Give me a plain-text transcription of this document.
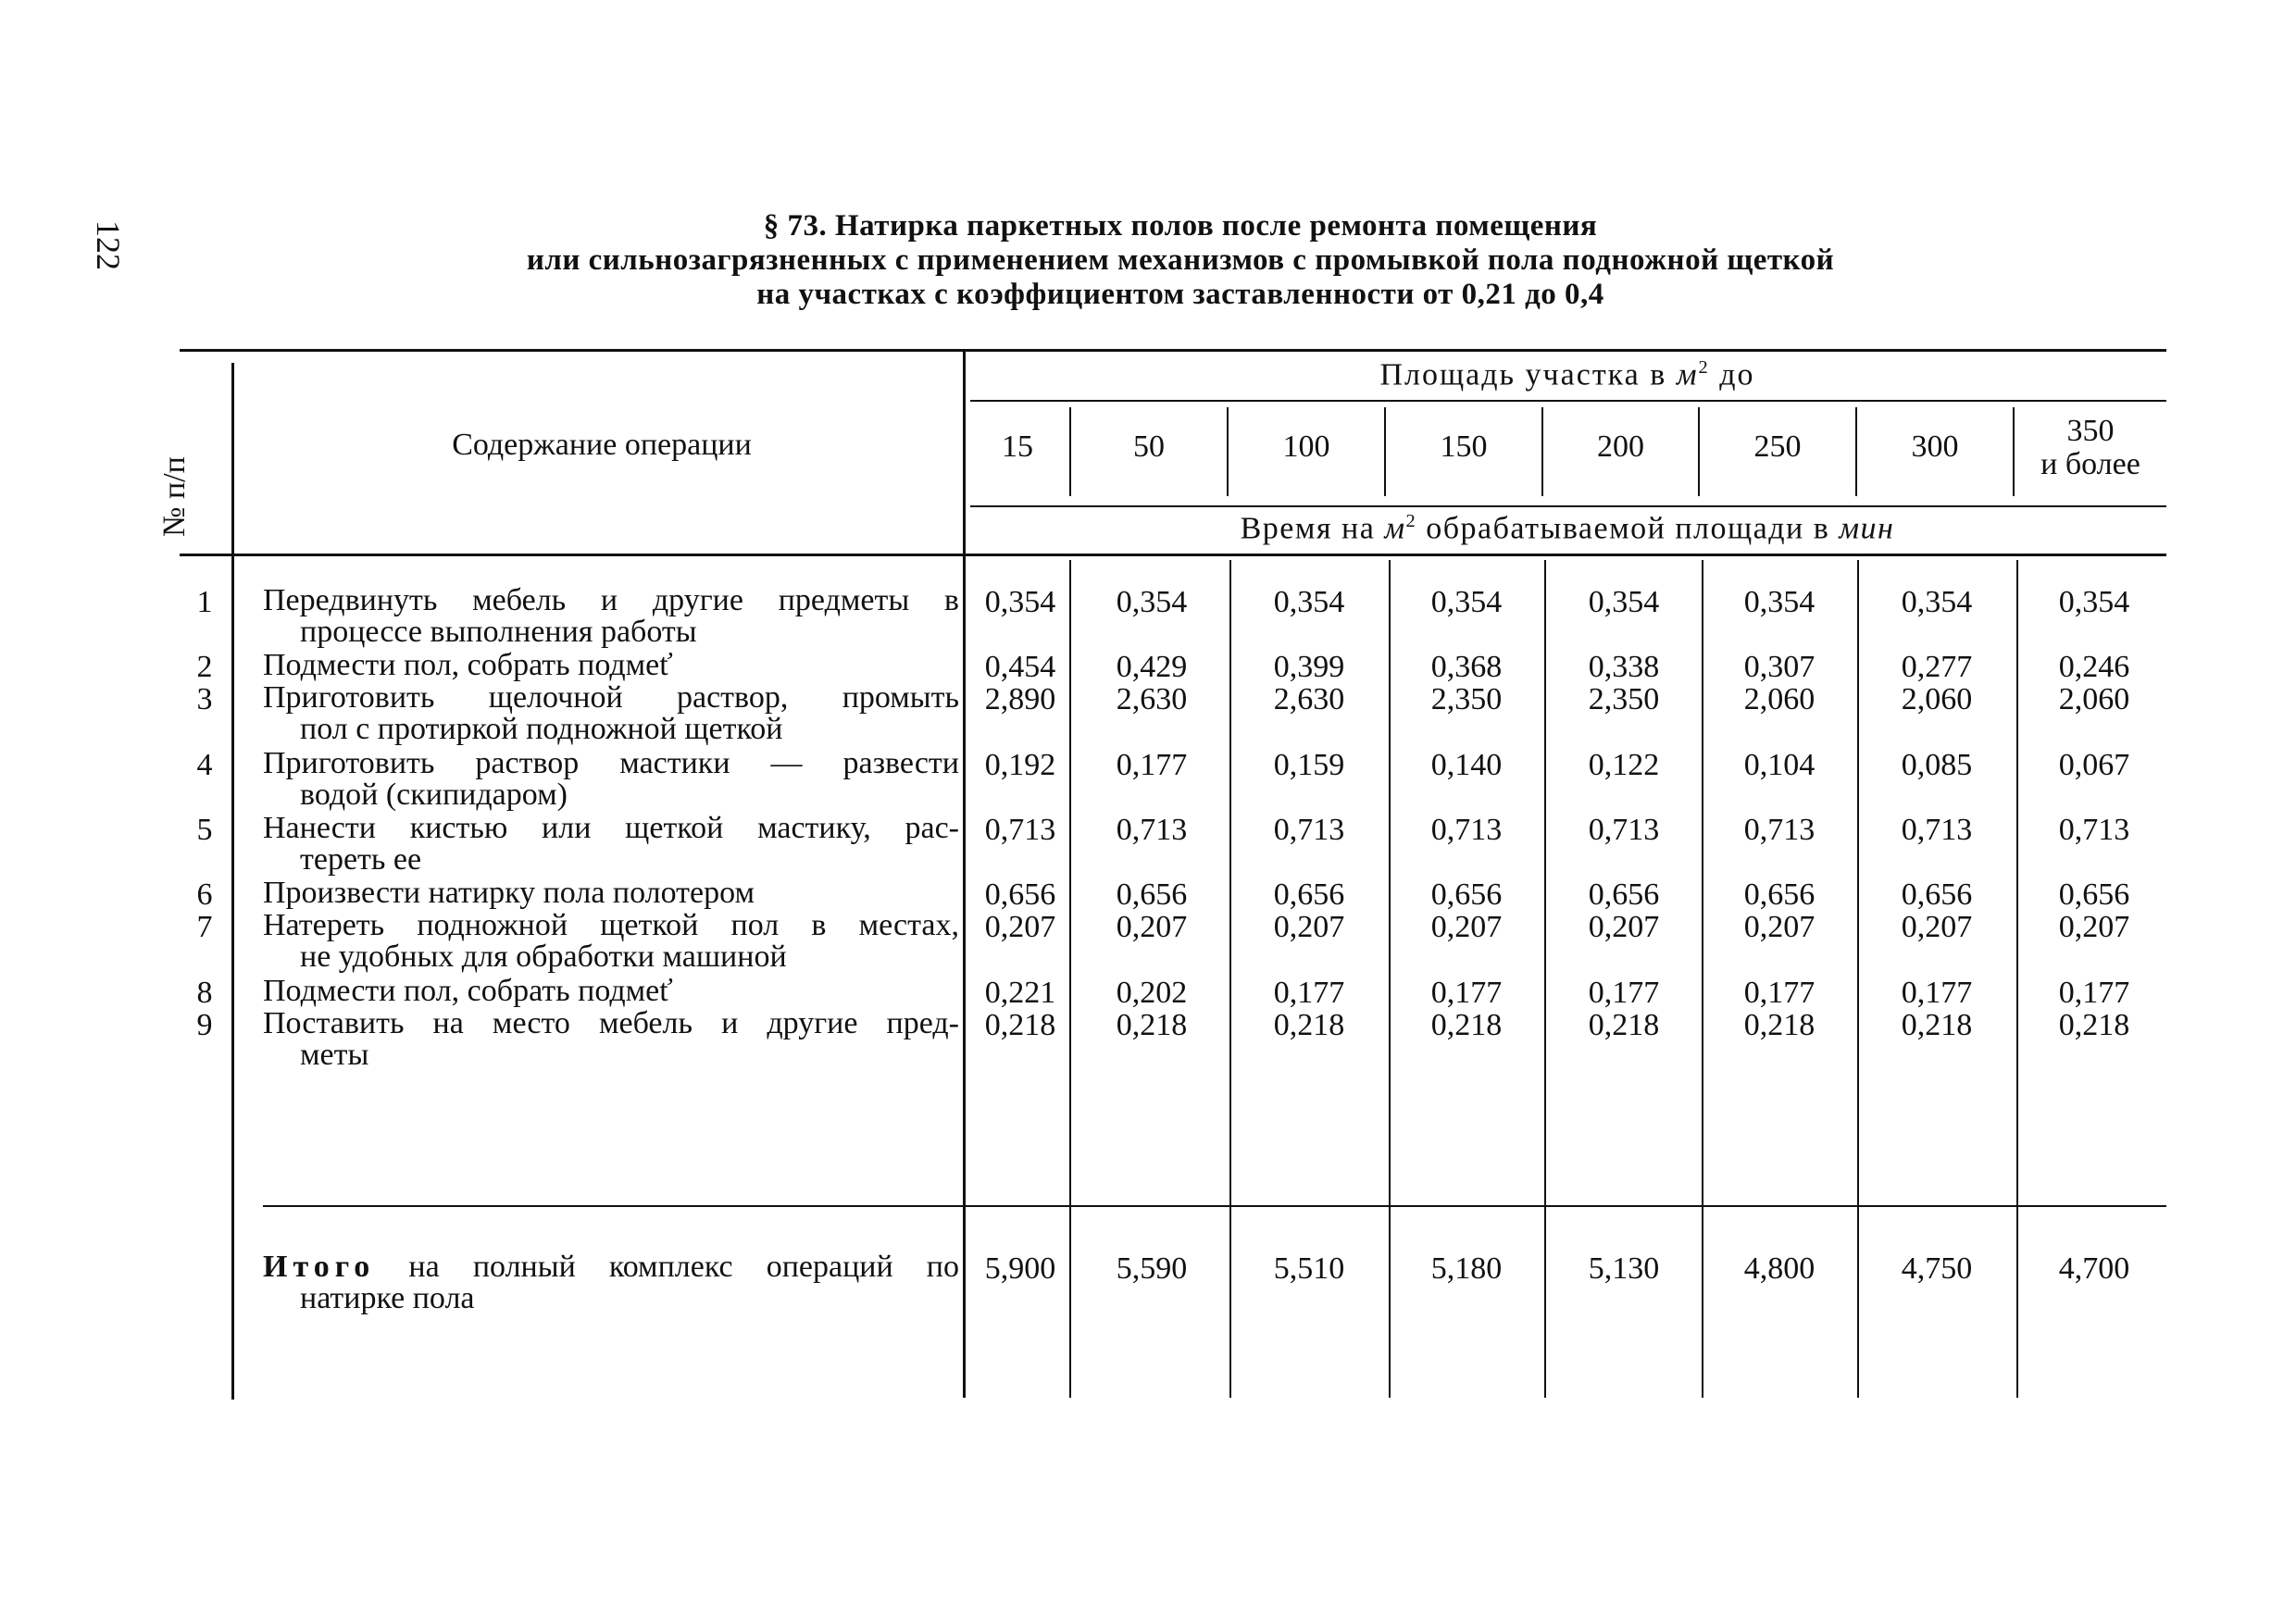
122	§ 73. Натирка паркетных полов после ремонта помещения
или сильнозагрязненных с применением механизмов с промывкой пола подножной щеткой
на участках с коэффициентом заставленности от 0,21 до 0,4
№ п/п
Содержание операции
Площадь участка в $м^2$ до
Время на $м^2$ обрабатываемой площади в мин
15	50	100	150	200	250	300	350
и более
1	Передвинуть мебель и другие предметы в
процессе выполнения работы
0,354	0,354	0,354	0,354	0,354	0,354	0,354	0,354
2	Подмести пол, собрать подмеť	0,454	0,429	0,399	0,368	0,338	0,307	0,277	0,246
3	Приготовить щелочной раствор, промыть
пол с протиркой подножной щеткой
2,890	2,630	2,630	2,350	2,350	2,060	2,060	2,060
4	Приготовить раствор мастики — развести
водой (скипидаром)
0,192	0,177	0,159	0,140	0,122	0,104	0,085	0,067
5	Нанести кистью или щеткой мастику, рас-
тереть ее
0,713	0,713	0,713	0,713	0,713	0,713	0,713	0,713
6	Произвести натирку пола полотером	0,656	0,656	0,656	0,656	0,656	0,656	0,656	0,656
7	Натереть подножной щеткой пол в местах,
не удобных для обработки машиной
0,207	0,207	0,207	0,207	0,207	0,207	0,207	0,207
8	Подмести пол, собрать подмеť	0,221	0,202	0,177	0,177	0,177	0,177	0,177	0,177
9	Поставить на место мебель и другие пред-
меты
0,218	0,218	0,218	0,218	0,218	0,218	0,218	0,218
Итого на полный комплекс операций по
натирке пола
5,900	5,590	5,510	5,180	5,130	4,800	4,750	4,700
